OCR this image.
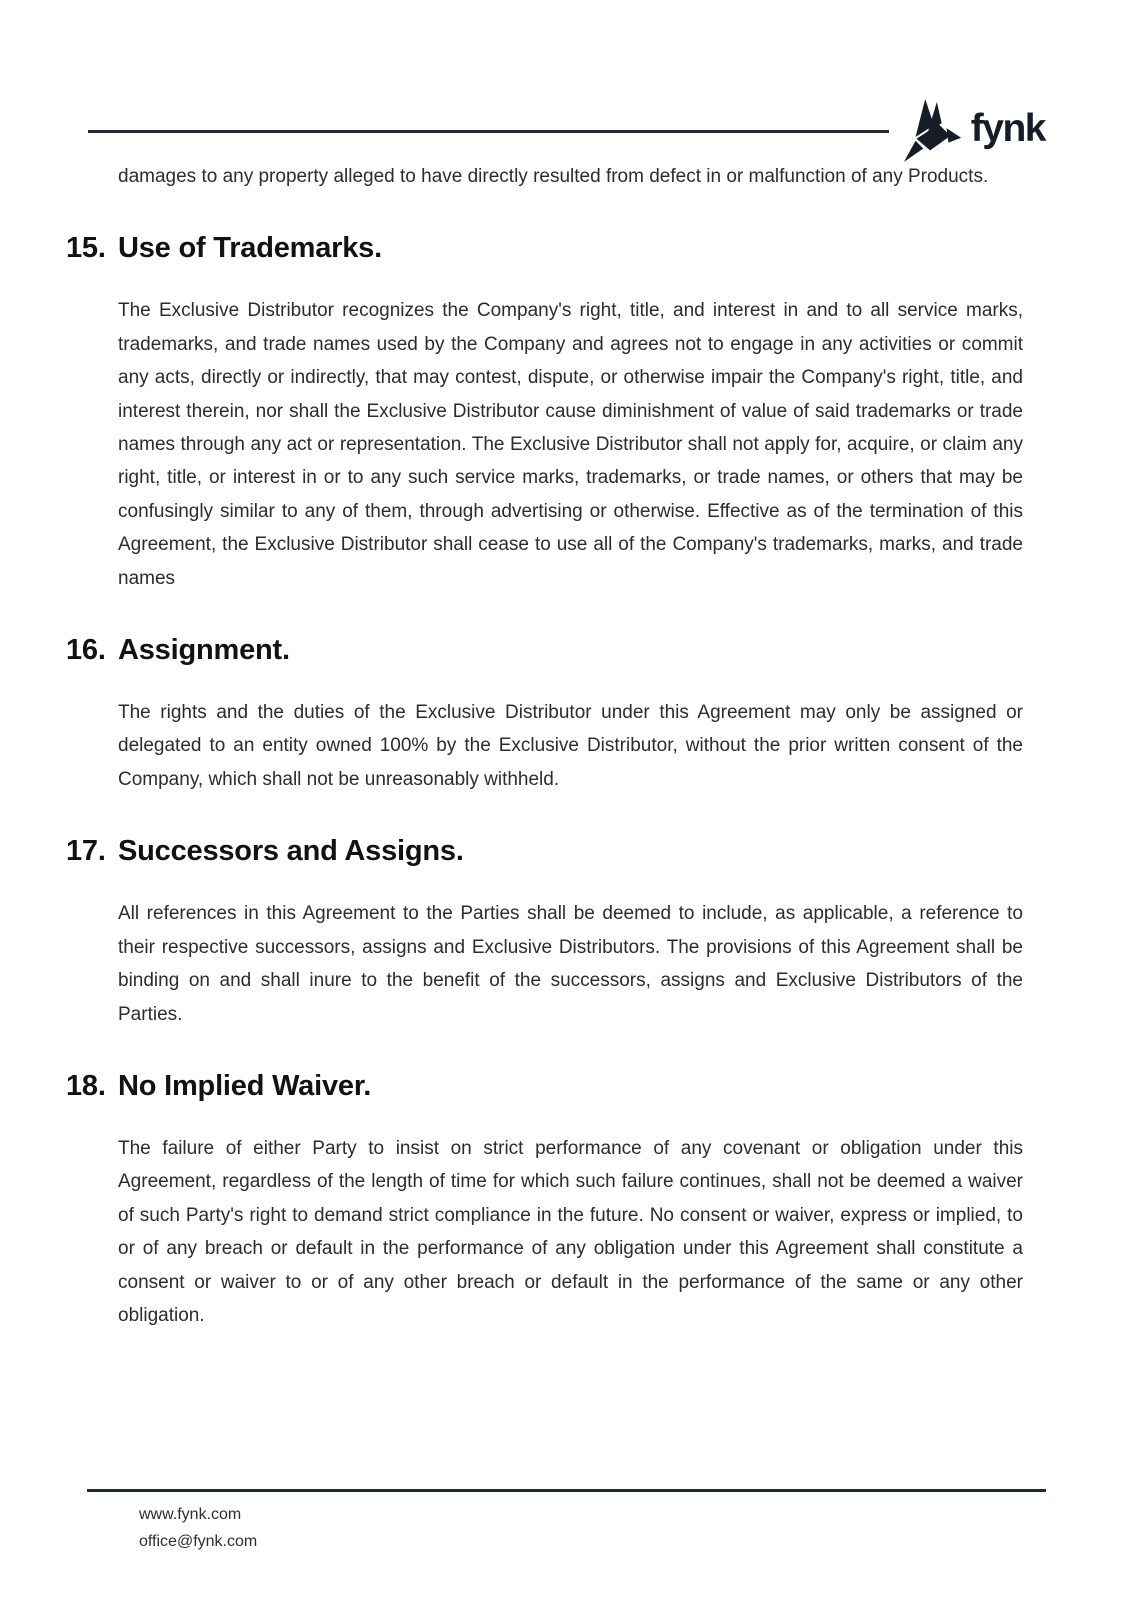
fynk

damages to any property alleged to have directly resulted from defect in or malfunction of any Products.

15. Use of Trademarks.

The Exclusive Distributor recognizes the Company's right, title, and interest in and to all service marks, trademarks, and trade names used by the Company and agrees not to engage in any activities or commit any acts, directly or indirectly, that may contest, dispute, or otherwise impair the Company's right, title, and interest therein, nor shall the Exclusive Distributor cause diminishment of value of said trademarks or trade names through any act or representation. The Exclusive Distributor shall not apply for, acquire, or claim any right, title, or interest in or to any such service marks, trademarks, or trade names, or others that may be confusingly similar to any of them, through advertising or otherwise. Effective as of the termination of this Agreement, the Exclusive Distributor shall cease to use all of the Company's trademarks, marks, and trade names

16. Assignment.

The rights and the duties of the Exclusive Distributor under this Agreement may only be assigned or delegated to an entity owned 100% by the Exclusive Distributor, without the prior written consent of the Company, which shall not be unreasonably withheld.

17. Successors and Assigns.

All references in this Agreement to the Parties shall be deemed to include, as applicable, a reference to their respective successors, assigns and Exclusive Distributors. The provisions of this Agreement shall be binding on and shall inure to the benefit of the successors, assigns and Exclusive Distributors of the Parties.

18. No Implied Waiver.

The failure of either Party to insist on strict performance of any covenant or obligation under this Agreement, regardless of the length of time for which such failure continues, shall not be deemed a waiver of such Party's right to demand strict compliance in the future. No consent or waiver, express or implied, to or of any breach or default in the performance of any obligation under this Agreement shall constitute a consent or waiver to or of any other breach or default in the performance of the same or any other obligation.

www.fynk.com
office@fynk.com
